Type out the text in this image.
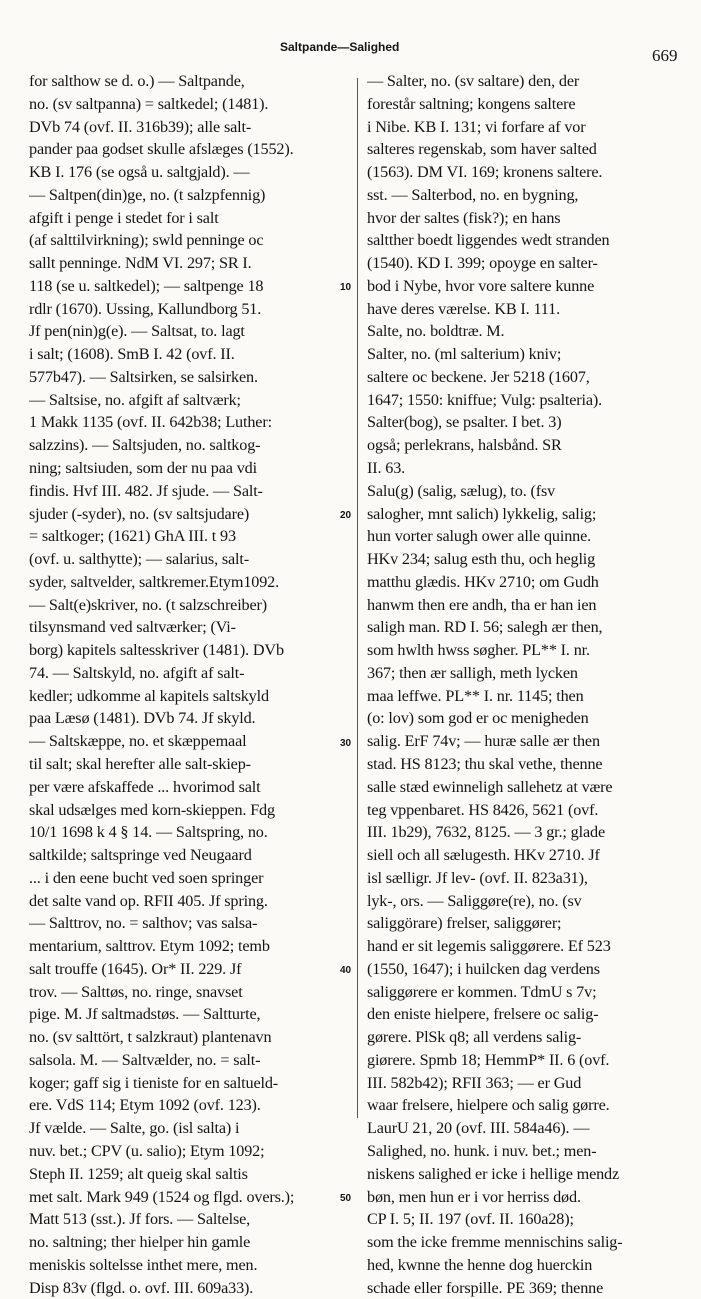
Saltpande—Salighed	669
for salthow se d. o.) — Saltpande,
no. (sv saltpanna) = saltkedel; (1481).
DVb 74 (ovf. II. 316b39); alle salt-
pander paa godset skulle afslæges (1552).
KB I. 176 (se også u. saltgjald). —
— Saltpen(din)ge, no. (t salzpfennig)
afgift i penge i stedet for i salt
(af salttilvirkning); swld penninge oc
sallt penninge. NdM VI. 297; SR I.
118 (se u. saltkedel); — saltpenge 18
rdlr (1670). Ussing, Kallundborg 51.
Jf pen(nin)g(e). — Saltsat, to. lagt
i salt; (1608). SmB I. 42 (ovf. II.
577b47). — Saltsirken, se salsirken.
— Saltsise, no. afgift af saltværk;
1 Makk 1135 (ovf. II. 642b38; Luther:
salzzins). — Saltsjuden, no. saltkog-
ning; saltsiuden, som der nu paa vdi
findis. Hvf III. 482. Jf sjude. — Salt-
sjuder (-syder), no. (sv saltsjudare)
= saltkoger; (1621) GhA III. t 93
(ovf. u. salthytte); — salarius, salt-
syder, saltvelder, saltkremer.Etym1092.
— Salt(e)skriver, no. (t salzschreiber)
tilsynsmand ved saltværker; (Vi-
borg) kapitels saltesskriver (1481). DVb
74. — Saltskyld, no. afgift af salt-
kedler; udkomme al kapitels saltskyld
paa Læsø (1481). DVb 74. Jf skyld.
— Saltskæppe, no. et skæppemaal
til salt; skal herefter alle salt-skiep-
per være afskaffede ... hvorimod salt
skal udsælges med korn-skieppen. Fdg
10/1 1698 k 4 § 14. — Saltspring, no.
saltkilde; saltspringe ved Neugaard
... i den eene bucht ved soen springer
det salte vand op. RFII 405. Jf spring.
— Salttrov, no. = salthov; vas salsa-
mentarium, salttrov. Etym 1092; temb
salt trouffe (1645). Or* II. 229. Jf
trov. — Salttøs, no. ringe, snavset
pige. M. Jf saltmadstøs. — Saltturte,
no. (sv salttört, t salzkraut) plantenavn
salsola. M. — Saltvælder, no. = salt-
koger; gaff sig i tieniste for en saltueld-
ere. VdS 114; Etym 1092 (ovf. 123).
Jf vælde. — Salte, go. (isl salta) i
nuv. bet.; CPV (u. salio); Etym 1092;
Steph II. 1259; alt queig skal saltis
met salt. Mark 949 (1524 og flgd. overs.);
Matt 513 (sst.). Jf fors. — Saltelse,
no. saltning; ther hielper hin gamle
meniskis soltelsse inthet mere, men.
Disp 83v (flgd. o. ovf. III. 609a33).
— Salter, no. (sv saltare) den, der
forestår saltning; kongens saltere
i Nibe. KB I. 131; vi forfare af vor
salteres regenskab, som haver salted
(1563). DM VI. 169; kronens saltere.
sst. — Salterbod, no. en bygning,
hvor der saltes (fisk?); en hans
saltther boedt liggendes wedt stranden
(1540). KD I. 399; opoyge en salter-
bod i Nybe, hvor vore saltere kunne
have deres værelse. KB I. 111.
Salte, no. boldtræ. M.
Salter, no. (ml salterium) kniv;
saltere oc beckene. Jer 5218 (1607,
1647; 1550: kniffue; Vulg: psalteria).
Salter(bog), se psalter. I bet. 3)
også; perlekrans, halsbånd. SR
II. 63.
Salu(g) (salig, sælug), to. (fsv
salogher, mnt salich) lykkelig, salig;
hun vorter salugh ower alle quinne.
HKv 234; salug esth thu, och heglig
matthu glædis. HKv 2710; om Gudh
hanwm then ere andh, tha er han ien
saligh man. RD I. 56; salegh ær then,
som hwlth hwss søgher. PL** I. nr.
367; then ær salligh, meth lycken
maa leffwe. PL** I. nr. 1145; then
(o: lov) som god er oc menigheden
salig. ErF 74v; — huræ salle ær then
stad. HS 8123; thu skal vethe, thenne
salle stæd ewinneligh sallehetz at være
teg vppenbaret. HS 8426, 5621 (ovf.
III. 1b29), 7632, 8125. — 3 gr.; glade
siell och all sælugesth. HKv 2710. Jf
isl sælligr. Jf lev- (ovf. II. 823a31),
lyk-, ors. — Saliggøre(re), no. (sv
saliggörare) frelser, saliggører;
hand er sit legemis saliggørere. Ef 523
(1550, 1647); i huilcken dag verdens
saliggørere er kommen. TdmU s 7v;
den eniste hielpere, frelsere oc salig-
gørere. PlSk q8; all verdens salig-
giørere. Spmb 18; HemmP* II. 6 (ovf.
III. 582b42); RFII 363; — er Gud
waar frelsere, hielpere och salig gørre.
LaurU 21, 20 (ovf. III. 584a46). —
Salighed, no. hunk. i nuv. bet.; men-
niskens salighed er icke i hellige mendz
bøn, men hun er i vor herriss død.
CP I. 5; II. 197 (ovf. II. 160a28);
som the icke fremme mennischins salig-
hed, kwnne the henne dog huerckin
schade eller forspille. PE 369; thenne
10
20
30
40
50
